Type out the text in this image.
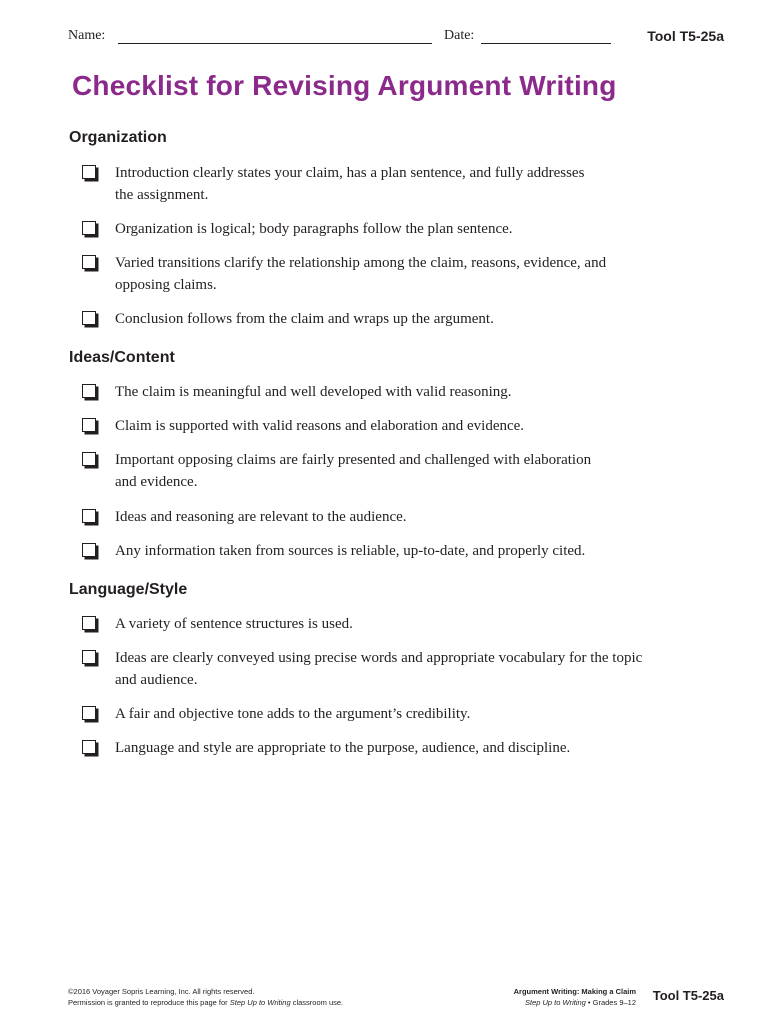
Name:	Date:	Tool T5-25a
Checklist for Revising Argument Writing
Organization
Introduction clearly states your claim, has a plan sentence, and fully addresses
the assignment.
Organization is logical; body paragraphs follow the plan sentence.
Varied transitions clarify the relationship among the claim, reasons, evidence, and
opposing claims.
Conclusion follows from the claim and wraps up the argument.
Ideas/Content
The claim is meaningful and well developed with valid reasoning.
Claim is supported with valid reasons and elaboration and evidence.
Important opposing claims are fairly presented and challenged with elaboration
and evidence.
Ideas and reasoning are relevant to the audience.
Any information taken from sources is reliable, up-to-date, and properly cited.
Language/Style
A variety of sentence structures is used.
Ideas are clearly conveyed using precise words and appropriate vocabulary for the topic
and audience.
A fair and objective tone adds to the argument’s credibility.
Language and style are appropriate to the purpose, audience, and discipline.
©2016 Voyager Sopris Learning, Inc. All rights reserved.
Permission is granted to reproduce this page for Step Up to Writing classroom use.
Argument Writing: Making a Claim
Step Up to Writing • Grades 9–12 Tool T5-25a
